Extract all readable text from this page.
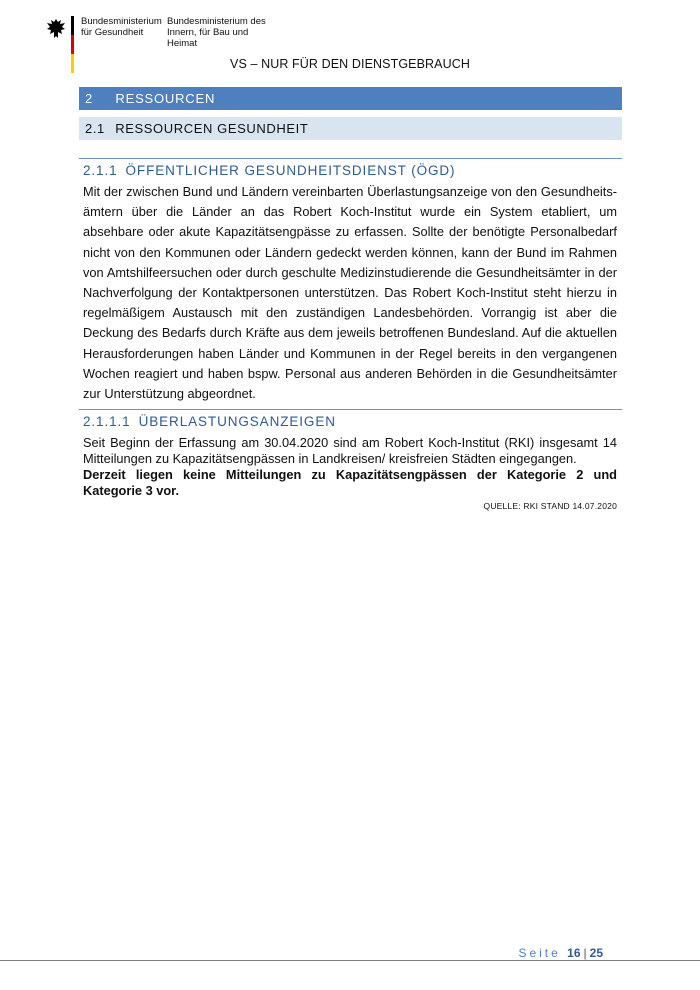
Bundesministerium für Gesundheit
Bundesministerium des Innern, für Bau und Heimat
VS – NUR FÜR DEN DIENSTGEBRAUCH
2 RESSOURCEN
2.1 RESSOURCEN GESUNDHEIT
2.1.1 ÖFFENTLICHER GESUNDHEITSDIENST (ÖGD)
Mit der zwischen Bund und Ländern vereinbarten Überlastungsanzeige von den Gesundheitsämtern über die Länder an das Robert Koch-Institut wurde ein System etabliert, um absehbare oder akute Kapazitätsengpässe zu erfassen. Sollte der benötigte Personalbedarf nicht von den Kommunen oder Ländern gedeckt werden können, kann der Bund im Rahmen von Amtshilfeersuchen oder durch geschulte Medizinstudierende die Gesundheitsämter in der Nachverfolgung der Kontaktpersonen unterstützen. Das Robert Koch-Institut steht hierzu in regelmäßigem Austausch mit den zuständigen Landesbehörden. Vorrangig ist aber die Deckung des Bedarfs durch Kräfte aus dem jeweils betroffenen Bundesland. Auf die aktuellen Herausforderungen haben Länder und Kommunen in der Regel bereits in den vergangenen Wochen reagiert und haben bspw. Personal aus anderen Behörden in die Gesundheitsämter zur Unterstützung abgeordnet.
2.1.1.1 ÜBERLASTUNGSANZEIGEN
Seit Beginn der Erfassung am 30.04.2020 sind am Robert Koch-Institut (RKI) insgesamt 14 Mitteilungen zu Kapazitätsengpässen in Landkreisen/ kreisfreien Städten eingegangen.
Derzeit liegen keine Mitteilungen zu Kapazitätsengpässen der Kategorie 2 und Kategorie 3 vor.
QUELLE: RKI STAND 14.07.2020
Seite 16 | 25
